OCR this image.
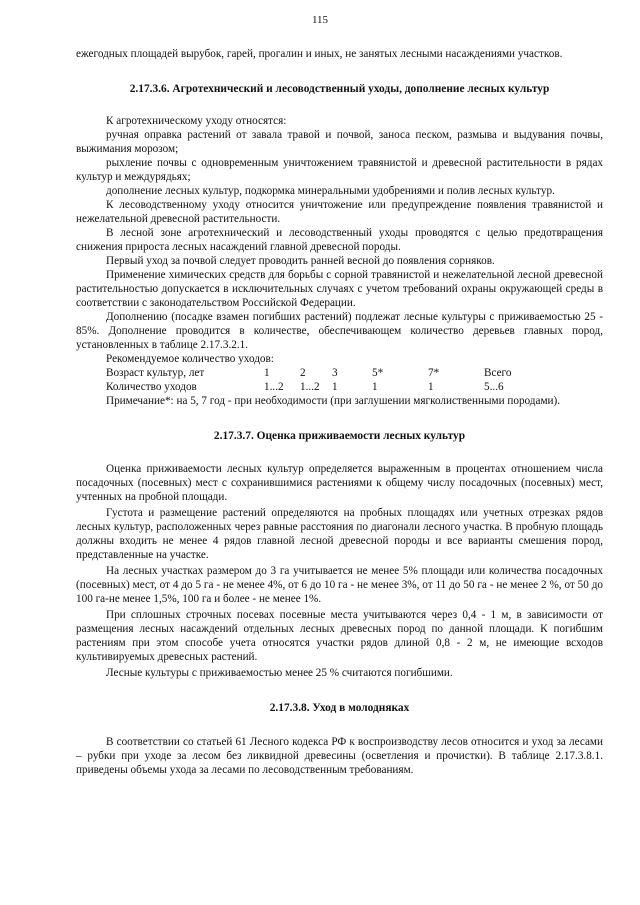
115

ежегодных площадей вырубок, гарей, прогалин и иных, не занятых лесными насаждениями участков.

2.17.3.6. Агротехнический и лесоводственный уходы, дополнение лесных культур

К агротехническому уходу относятся:

ручная оправка растений от завала травой и почвой, заноса песком, размыва и выдувания почвы, выжимания морозом;

рыхление почвы с одновременным уничтожением травянистой и древесной растительности в рядах культур и междурядьях;

дополнение лесных культур, подкормка минеральными удобрениями и полив лесных культур.

К лесоводственному уходу относится уничтожение или предупреждение появления травянистой и нежелательной древесной растительности.

В лесной зоне агротехнический и лесоводственный уходы проводятся с целью предотвращения снижения прироста лесных насаждений главной древесной породы.

Первый уход за почвой следует проводить ранней весной до появления сорняков.

Применение химических средств для борьбы с сорной травянистой и нежелательной лесной древесной растительностью допускается в исключительных случаях с учетом требований охраны окружающей среды в соответствии с законодательством Российской Федерации.

Дополнению (посадке взамен погибших растений) подлежат лесные культуры с приживаемостью 25 - 85%. Дополнение проводится в количестве, обеспечивающем количество деревьев главных пород, установленных в таблице 2.17.3.2.1.

Рекомендуемое количество уходов:

Возраст культур, лет	1	2	3	5*	7*	Всего
Количество уходов	1...2	1...2	1	1	1	5...6

Примечание*: на 5, 7 год - при необходимости (при заглушении мягколиственными породами).

2.17.3.7. Оценка приживаемости лесных культур

Оценка приживаемости лесных культур определяется выраженным в процентах отношением числа посадочных (посевных) мест с сохранившимися растениями к общему числу посадочных (посевных) мест, учтенных на пробной площади.

Густота и размещение растений определяются на пробных площадях или учетных отрезках рядов лесных культур, расположенных через равные расстояния по диагонали лесного участка. В пробную площадь должны входить не менее 4 рядов главной лесной древесной породы и все варианты смешения пород, представленные на участке.

На лесных участках размером до 3 га учитывается не менее 5% площади или количества посадочных (посевных) мест, от 4 до 5 га - не менее 4%, от 6 до 10 га - не менее 3%, от 11 до 50 га - не менее 2 %, от 50 до 100 га-не менее 1,5%, 100 га и более - не менее 1%.

При сплошных строчных посевах посевные места учитываются через 0,4 - 1 м, в зависимости от размещения лесных насаждений отдельных лесных древесных пород по данной площади. К погибшим растениям при этом способе учета относятся участки рядов длиной 0,8 - 2 м, не имеющие всходов культивируемых древесных растений.

Лесные культуры с приживаемостью менее 25 % считаются погибшими.

2.17.3.8. Уход в молодняках

В соответствии со статьей 61 Лесного кодекса РФ к воспроизводству лесов относится и уход за лесами – рубки при уходе за лесом без ликвидной древесины (осветления и прочистки). В таблице 2.17.3.8.1. приведены объемы ухода за лесами по лесоводственным требованиям.
